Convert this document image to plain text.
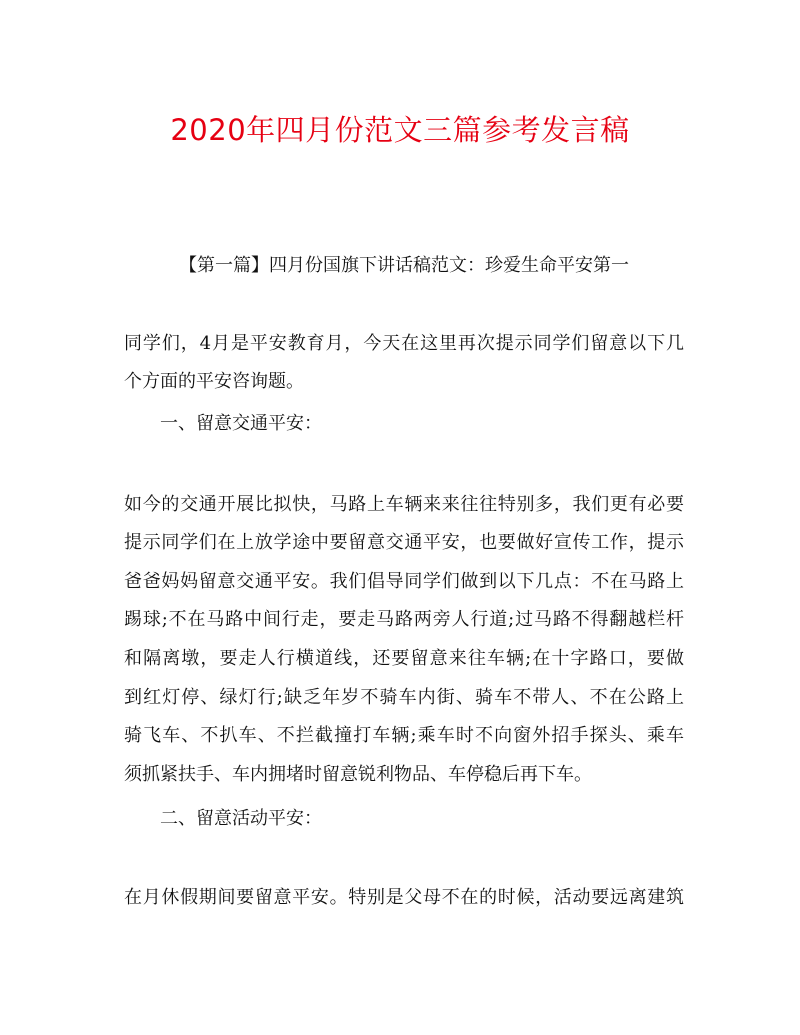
2020年四月份范文三篇参考发言稿

【第一篇】四月份国旗下讲话稿范文：珍爱生命平安第一

同学们，4月是平安教育月，今天在这里再次提示同学们留意以下几

个方面的平安咨询题。

一、留意交通平安：

如今的交通开展比拟快，马路上车辆来来往往特别多，我们更有必要

提示同学们在上放学途中要留意交通平安，也要做好宣传工作，提示

爸爸妈妈留意交通平安。我们倡导同学们做到以下几点：不在马路上

踢球;不在马路中间行走，要走马路两旁人行道;过马路不得翻越栏杆

和隔离墩，要走人行横道线，还要留意来往车辆;在十字路口，要做

到红灯停、绿灯行;缺乏年岁不骑车内街、骑车不带人、不在公路上

骑飞车、不扒车、不拦截撞打车辆;乘车时不向窗外招手探头、乘车

须抓紧扶手、车内拥堵时留意锐利物品、车停稳后再下车。

二、留意活动平安：

在月休假期间要留意平安。特别是父母不在的时候，活动要远离建筑
